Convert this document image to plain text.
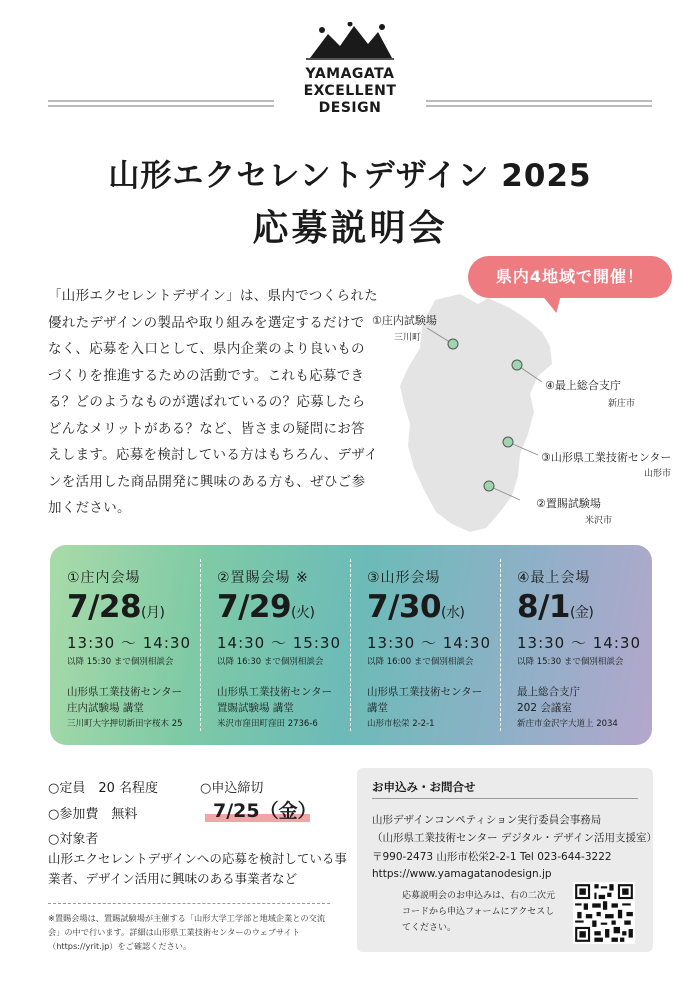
YAMAGATA
EXCELLENT
DESIGN
山形エクセレントデザイン 2025
応募説明会
「山形エクセレントデザイン」は、県内でつくられた優れたデザインの製品や取り組みを選定するだけでなく、応募を入口として、県内企業のより良いものづくりを推進するための活動です。これも応募できる？どのようなものが選ばれているの？応募したらどんなメリットがある？など、皆さまの疑問にお答えします。応募を検討している方はもちろん、デザインを活用した商品開発に興味のある方も、ぜひご参加ください。
①庄内試験場
三川町
④最上総合支庁
新庄市
③山形県工業技術センター
山形市
②置賜試験場
米沢市
県内4地域で開催！
①庄内会場
7/28(月)
13:30 ～ 14:30
以降 15:30 まで個別相談会
山形県工業技術センター
庄内試験場 講堂
三川町大字押切新田字桜木 25
②置賜会場 ※
7/29(火)
14:30 ～ 15:30
以降 16:30 まで個別相談会
山形県工業技術センター
置賜試験場 講堂
米沢市窪田町窪田 2736-6
③山形会場
7/30(水)
13:30 ～ 14:30
以降 16:00 まで個別相談会
山形県工業技術センター
講堂
山形市松栄 2-2-1
④最上会場
8/1(金)
13:30 ～ 14:30
以降 15:30 まで個別相談会
最上総合支庁
202 会議室
新庄市金沢字大道上 2034
○定員　20 名程度	○申込締切
7/25（金）
○参加費　無料
○対象者
山形エクセレントデザインへの応募を検討している事業者、デザイン活用に興味のある事業者など
※置賜会場は、置賜試験場が主催する「山形大学工学部と地域企業との交流会」の中で行います。詳細は山形県工業技術センターのウェブサイト（https://yrit.jp）をご確認ください。
お申込み・お問合せ
山形デザインコンペティション実行委員会事務局
（山形県工業技術センター デジタル・デザイン活用支援室）
〒990-2473 山形市松栄2-2-1 Tel 023-644-3222
https://www.yamagatanodesign.jp
応募説明会のお申込みは、右の二次元コードから申込フォームにアクセスしてください。
